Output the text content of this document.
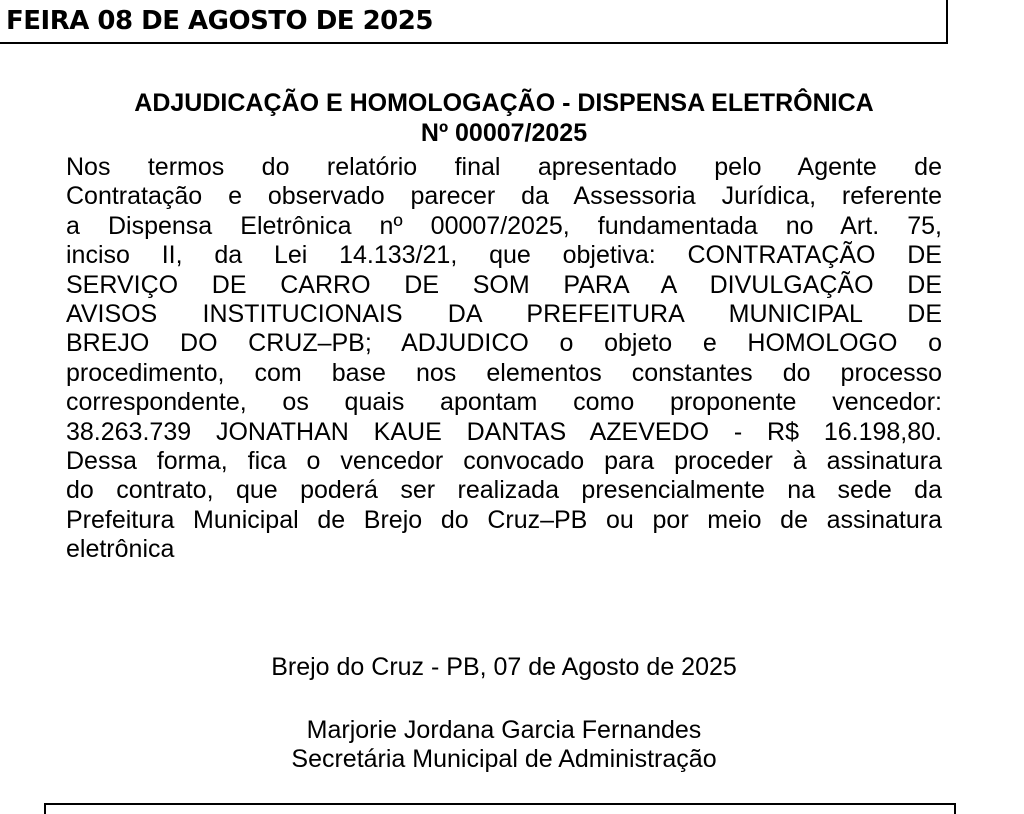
FEIRA 08 DE AGOSTO DE 2025
ADJUDICAÇÃO E HOMOLOGAÇÃO - DISPENSA ELETRÔNICA
Nº 00007/2025
Nos termos do relatório final apresentado pelo Agente de
Contratação e observado parecer da Assessoria Jurídica, referente
a Dispensa Eletrônica nº 00007/2025, fundamentada no Art. 75,
inciso II, da Lei 14.133/21, que objetiva: CONTRATAÇÃO DE
SERVIÇO DE CARRO DE SOM PARA A DIVULGAÇÃO DE
AVISOS INSTITUCIONAIS DA PREFEITURA MUNICIPAL DE
BREJO DO CRUZ–PB; ADJUDICO o objeto e HOMOLOGO o
procedimento, com base nos elementos constantes do processo
correspondente, os quais apontam como proponente vencedor:
38.263.739 JONATHAN KAUE DANTAS AZEVEDO - R$ 16.198,80.
Dessa forma, fica o vencedor convocado para proceder à assinatura
do contrato, que poderá ser realizada presencialmente na sede da
Prefeitura Municipal de Brejo do Cruz–PB ou por meio de assinatura
eletrônica
Brejo do Cruz - PB, 07 de Agosto de 2025
Marjorie Jordana Garcia Fernandes
Secretária Municipal de Administração
